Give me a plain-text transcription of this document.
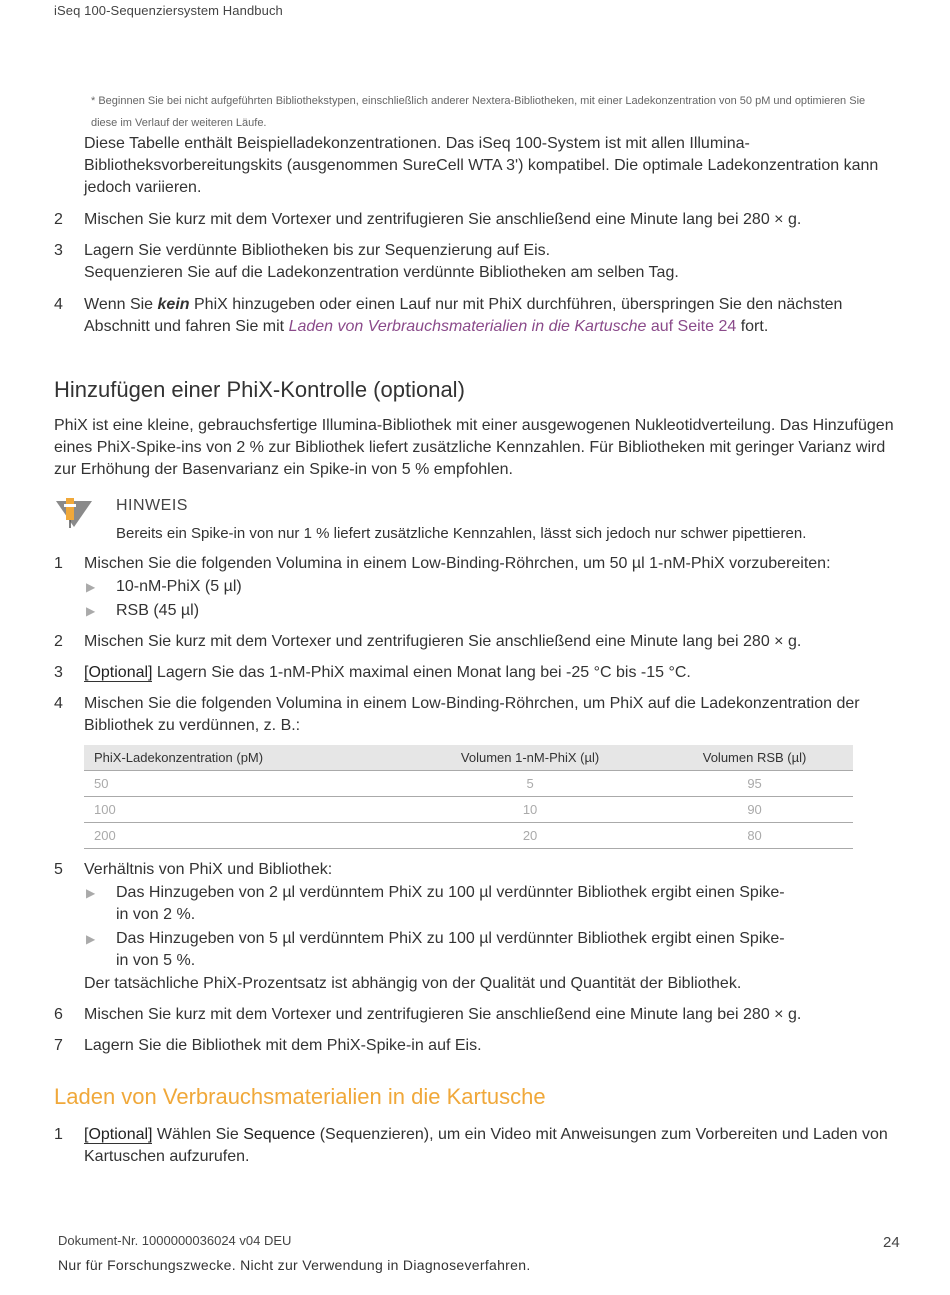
iSeq 100-Sequenziersystem Handbuch
* Beginnen Sie bei nicht aufgeführten Bibliothekstypen, einschließlich anderer Nextera-Bibliotheken, mit einer Ladekonzentration von 50 pM und optimieren Sie diese im Verlauf der weiteren Läufe.
Diese Tabelle enthält Beispielladekonzentrationen. Das iSeq 100-System ist mit allen Illumina-Bibliotheksvorbereitungskits (ausgenommen SureCell WTA 3ʹ) kompatibel. Die optimale Ladekonzentration kann jedoch variieren.
2 Mischen Sie kurz mit dem Vortexer und zentrifugieren Sie anschließend eine Minute lang bei 280 × g.
3 Lagern Sie verdünnte Bibliotheken bis zur Sequenzierung auf Eis.
Sequenzieren Sie auf die Ladekonzentration verdünnte Bibliotheken am selben Tag.
4 Wenn Sie kein PhiX hinzugeben oder einen Lauf nur mit PhiX durchführen, überspringen Sie den nächsten Abschnitt und fahren Sie mit Laden von Verbrauchsmaterialien in die Kartusche auf Seite 24 fort.
Hinzufügen einer PhiX-Kontrolle (optional)
PhiX ist eine kleine, gebrauchsfertige Illumina-Bibliothek mit einer ausgewogenen Nukleotidverteilung. Das Hinzufügen eines PhiX-Spike-ins von 2 % zur Bibliothek liefert zusätzliche Kennzahlen. Für Bibliotheken mit geringer Varianz wird zur Erhöhung der Basenvarianz ein Spike-in von 5 % empfohlen.
HINWEIS
Bereits ein Spike-in von nur 1 % liefert zusätzliche Kennzahlen, lässt sich jedoch nur schwer pipettieren.
1 Mischen Sie die folgenden Volumina in einem Low-Binding-Röhrchen, um 50 µl 1-nM-PhiX vorzubereiten:
▶ 10-nM-PhiX (5 µl)
▶ RSB (45 µl)
2 Mischen Sie kurz mit dem Vortexer und zentrifugieren Sie anschließend eine Minute lang bei 280 × g.
3 [Optional] Lagern Sie das 1-nM-PhiX maximal einen Monat lang bei -25 °C bis -15 °C.
4 Mischen Sie die folgenden Volumina in einem Low-Binding-Röhrchen, um PhiX auf die Ladekonzentration der Bibliothek zu verdünnen, z. B.:
PhiX-Ladekonzentration (pM)	Volumen 1-nM-PhiX (µl)	Volumen RSB (µl)
50	5	95
100	10	90
200	20	80
5 Verhältnis von PhiX und Bibliothek:
▶ Das Hinzugeben von 2 µl verdünntem PhiX zu 100 µl verdünnter Bibliothek ergibt einen Spike-in von 2 %.
▶ Das Hinzugeben von 5 µl verdünntem PhiX zu 100 µl verdünnter Bibliothek ergibt einen Spike-in von 5 %.
Der tatsächliche PhiX-Prozentsatz ist abhängig von der Qualität und Quantität der Bibliothek.
6 Mischen Sie kurz mit dem Vortexer und zentrifugieren Sie anschließend eine Minute lang bei 280 × g.
7 Lagern Sie die Bibliothek mit dem PhiX-Spike-in auf Eis.
Laden von Verbrauchsmaterialien in die Kartusche
1 [Optional] Wählen Sie Sequence (Sequenzieren), um ein Video mit Anweisungen zum Vorbereiten und Laden von Kartuschen aufzurufen.
Dokument-Nr. 1000000036024 v04 DEU
Nur für Forschungszwecke. Nicht zur Verwendung in Diagnoseverfahren.
24
